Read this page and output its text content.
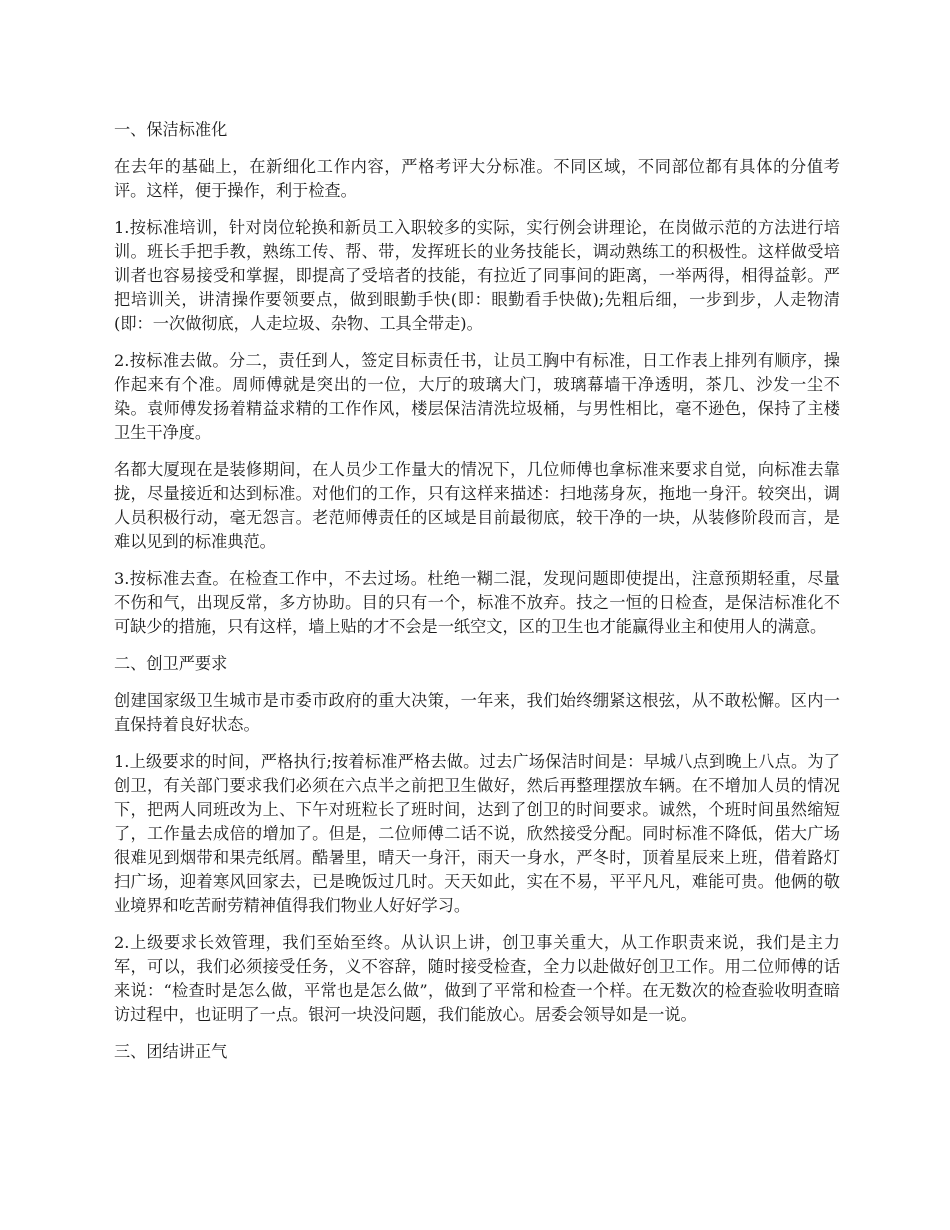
一、保洁标准化

在去年的基础上，在新细化工作内容，严格考评大分标准。不同区域，不同部位都有具体的分值考评。这样，便于操作，利于检查。

1.按标准培训，针对岗位轮换和新员工入职较多的实际，实行例会讲理论，在岗做示范的方法进行培训。班长手把手教，熟练工传、帮、带，发挥班长的业务技能长，调动熟练工的积极性。这样做受培训者也容易接受和掌握，即提高了受培者的技能，有拉近了同事间的距离，一举两得，相得益彰。严把培训关，讲清操作要领要点，做到眼勤手快(即：眼勤看手快做);先粗后细，一步到步，人走物清(即：一次做彻底，人走垃圾、杂物、工具全带走)。

2.按标准去做。分二，责任到人，签定目标责任书，让员工胸中有标准，日工作表上排列有顺序，操作起来有个准。周师傅就是突出的一位，大厅的玻璃大门，玻璃幕墙干净透明，茶几、沙发一尘不染。袁师傅发扬着精益求精的工作作风，楼层保洁清洗垃圾桶，与男性相比，毫不逊色，保持了主楼卫生干净度。

名都大厦现在是装修期间，在人员少工作量大的情况下，几位师傅也拿标准来要求自觉，向标准去靠拢，尽量接近和达到标准。对他们的工作，只有这样来描述：扫地荡身灰，拖地一身汗。较突出，调人员积极行动，毫无怨言。老范师傅责任的区域是目前最彻底，较干净的一块，从装修阶段而言，是难以见到的标准典范。

3.按标准去查。在检查工作中，不去过场。杜绝一糊二混，发现问题即使提出，注意预期轻重，尽量不伤和气，出现反常，多方协助。目的只有一个，标准不放弃。技之一恒的日检查，是保洁标准化不可缺少的措施，只有这样，墙上贴的才不会是一纸空文，区的卫生也才能赢得业主和使用人的满意。

二、创卫严要求

创建国家级卫生城市是市委市政府的重大决策，一年来，我们始终绷紧这根弦，从不敢松懈。区内一直保持着良好状态。

1.上级要求的时间，严格执行;按着标准严格去做。过去广场保洁时间是：早城八点到晚上八点。为了创卫，有关部门要求我们必须在六点半之前把卫生做好，然后再整理摆放车辆。在不增加人员的情况下，把两人同班改为上、下午对班粒长了班时间，达到了创卫的时间要求。诚然，个班时间虽然缩短了，工作量去成倍的增加了。但是，二位师傅二话不说，欣然接受分配。同时标准不降低，偌大广场很难见到烟带和果壳纸屑。酷暑里，晴天一身汗，雨天一身水，严冬时，顶着星辰来上班，借着路灯扫广场，迎着寒风回家去，已是晚饭过几时。天天如此，实在不易，平平凡凡，难能可贵。他俩的敬业境界和吃苦耐劳精神值得我们物业人好好学习。

2.上级要求长效管理，我们至始至终。从认识上讲，创卫事关重大，从工作职责来说，我们是主力军，可以，我们必须接受任务，义不容辞，随时接受检查，全力以赴做好创卫工作。用二位师傅的话来说：“检查时是怎么做，平常也是怎么做”，做到了平常和检查一个样。在无数次的检查验收明查暗访过程中，也证明了一点。银河一块没问题，我们能放心。居委会领导如是一说。

三、团结讲正气
